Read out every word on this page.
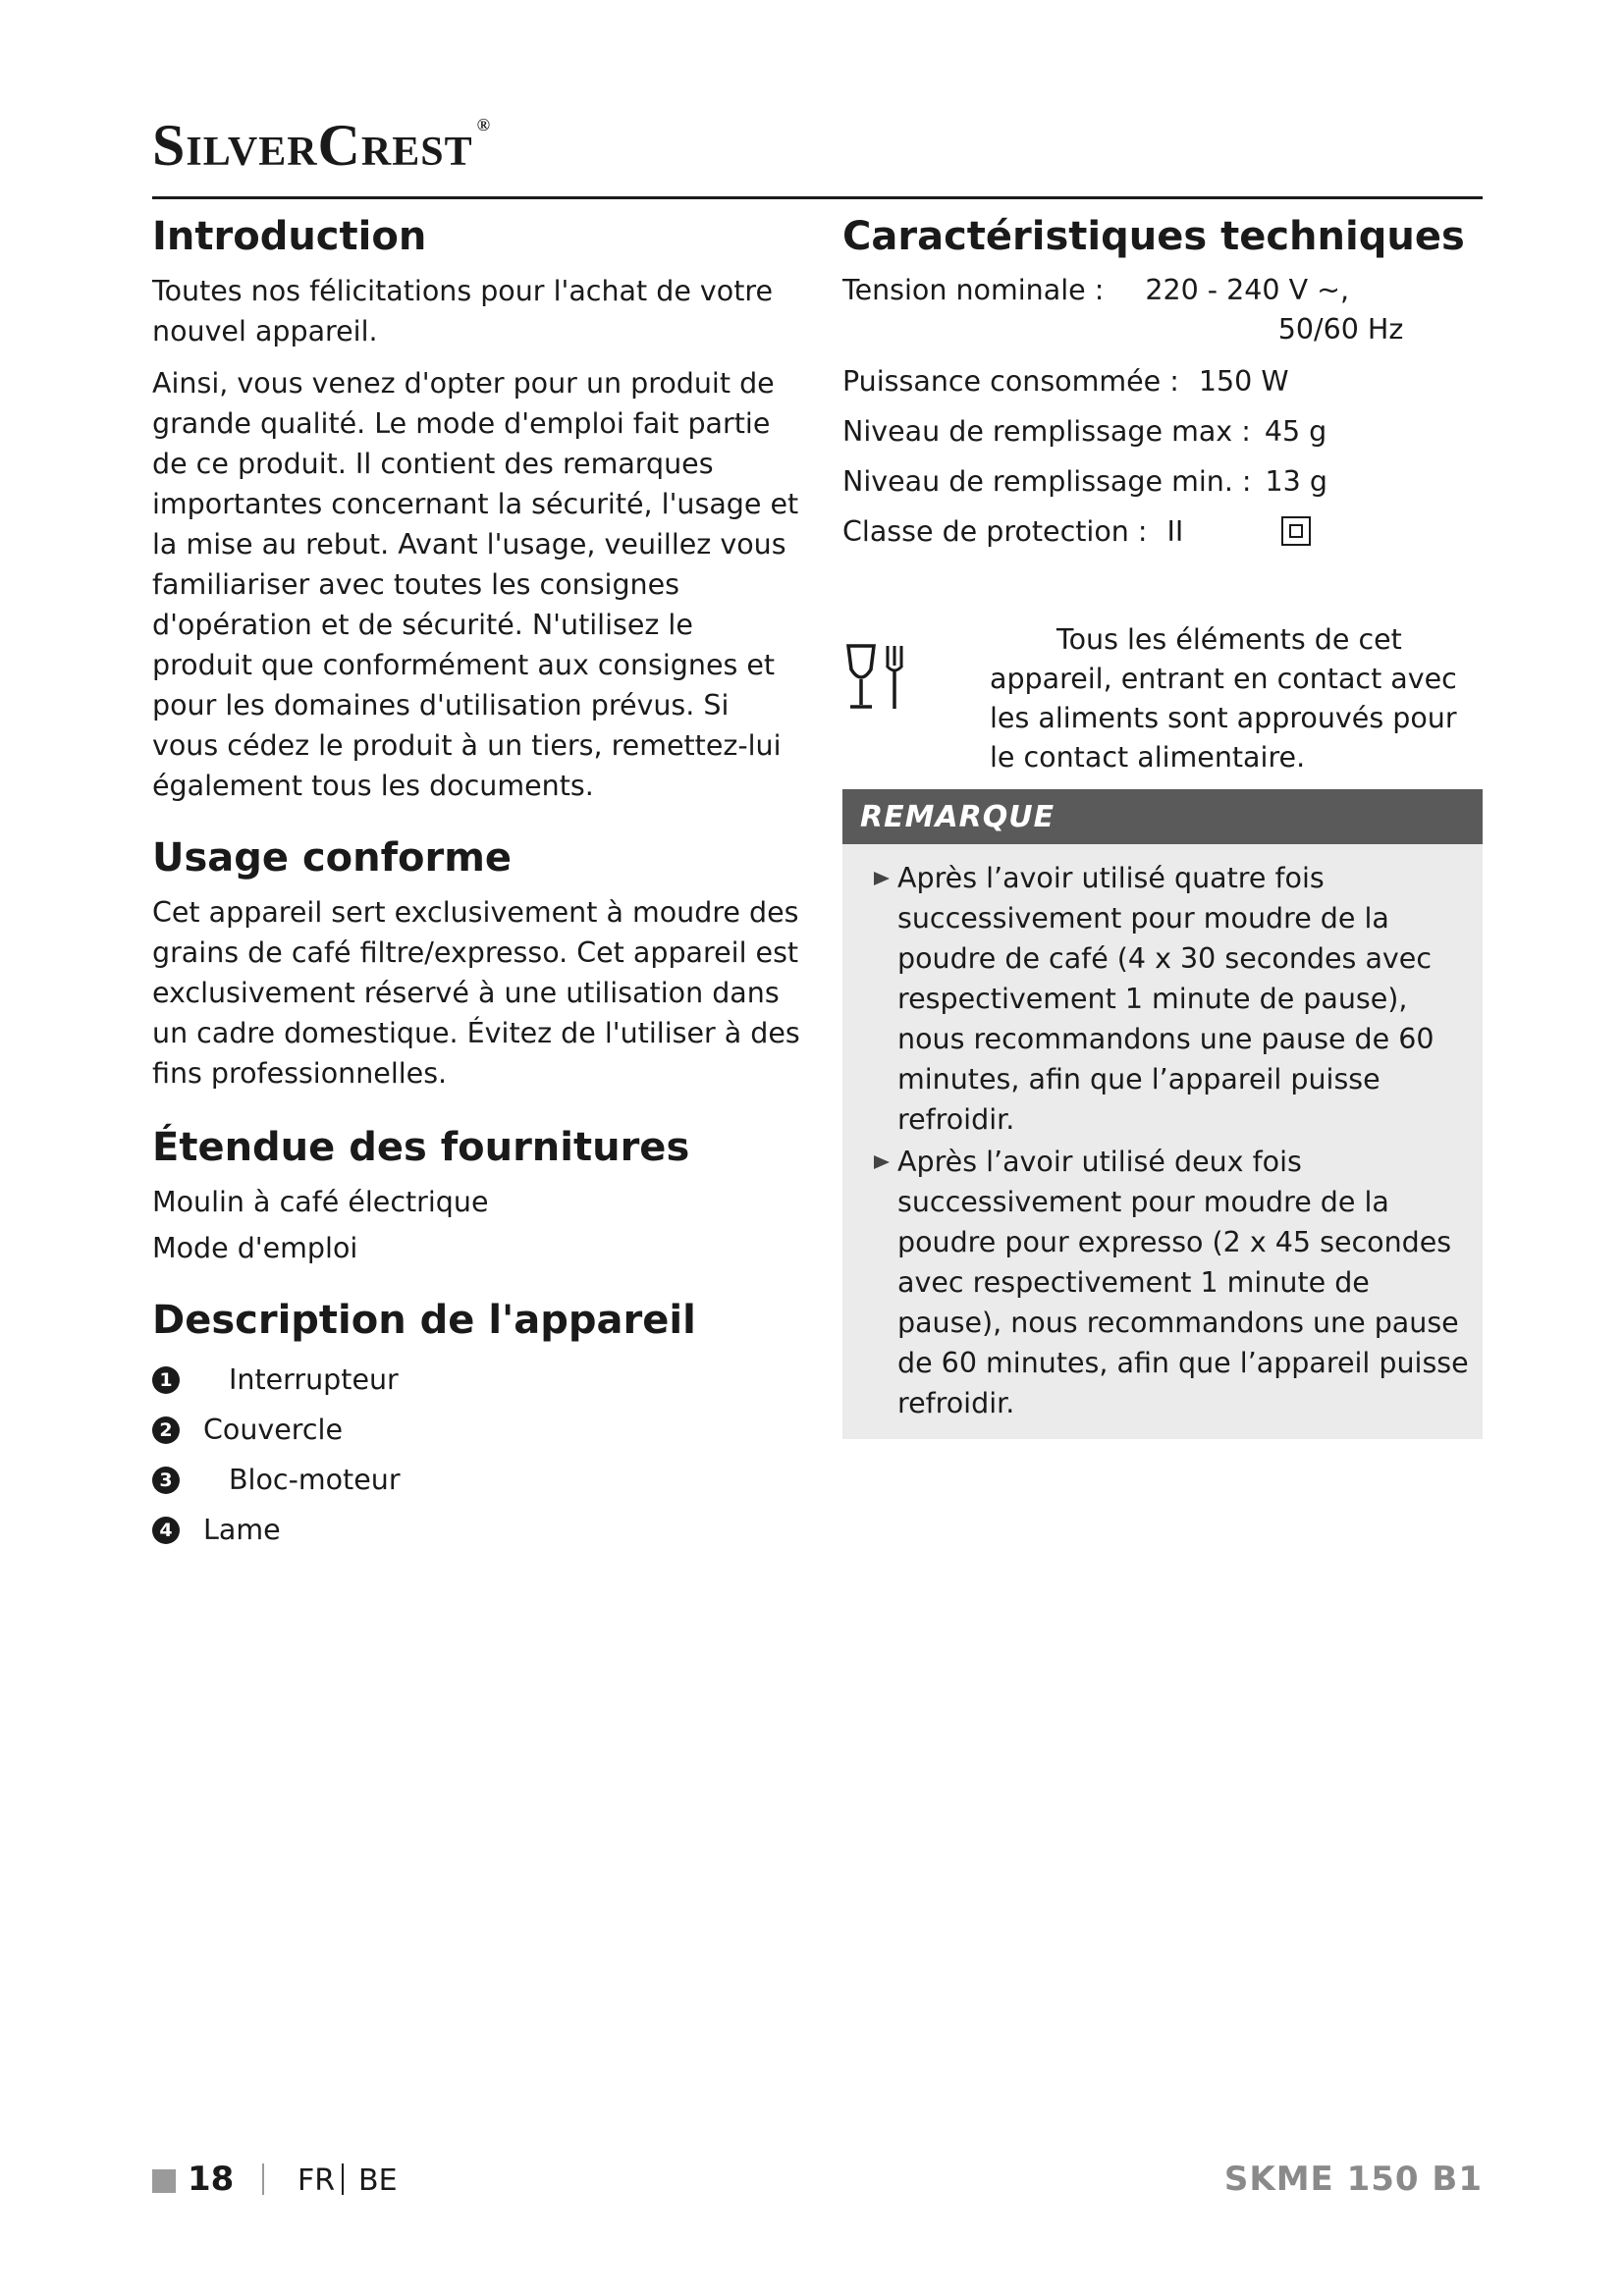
SilverCrest ®
Introduction

Toutes nos félicitations pour l'achat de votre nouvel appareil.

Ainsi, vous venez d'opter pour un produit de grande qualité. Le mode d'emploi fait partie de ce produit. Il contient des remarques importantes concernant la sécurité, l'usage et la mise au rebut. Avant l'usage, veuillez vous familiariser avec toutes les consignes d'opération et de sécurité. N'utilisez le produit que conformément aux consignes et pour les domaines d'utilisation prévus. Si vous cédez le produit à un tiers, remettez-lui également tous les documents.

Usage conforme

Cet appareil sert exclusivement à moudre des grains de café filtre/expresso. Cet appareil est exclusivement réservé à une utilisation dans un cadre domestique. Évitez de l'utiliser à des fins professionnelles.

Étendue des fournitures

Moulin à café électrique

Mode d'emploi

Description de l'appareil
1 Interrupteur
2 Couvercle
3 Bloc-moteur
4 Lame
Caractéristiques techniques
Tension nominale : 220 - 240 V ~,
50/60 Hz
Puissance consommée : 150 W
Niveau de remplissage max : 45 g
Niveau de remplissage min. : 13 g
Classe de protection : II
Tous les éléments de cet appareil, entrant en contact avec les aliments sont approuvés pour le contact alimentaire.
REMARQUE
Après l’avoir utilisé quatre fois successivement pour moudre de la poudre de café (4 x 30 secondes avec respectivement 1 minute de pause), nous recommandons une pause de 60 minutes, afin que l’appareil puisse refroidir.
Après l’avoir utilisé deux fois successivement pour moudre de la poudre pour expresso (2 x 45 secondes avec respectivement 1 minute de pause), nous recommandons une pause de 60 minutes, afin que l’appareil puisse refroidir.
18 FR BE	SKME 150 B1
